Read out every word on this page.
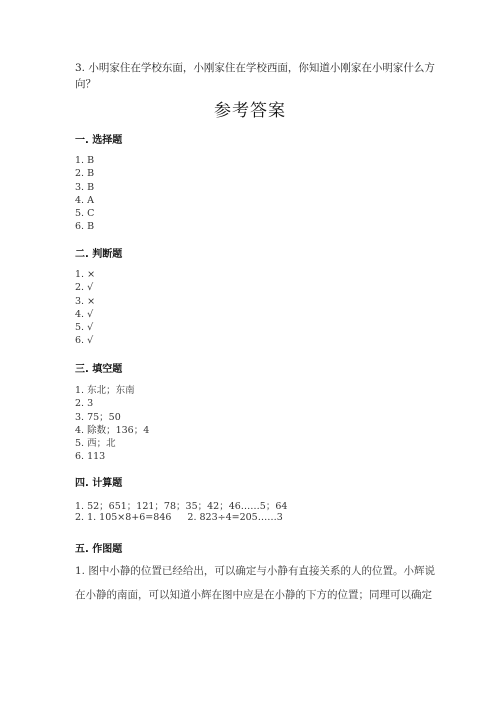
3. 小明家住在学校东面，小刚家住在学校西面，你知道小刚家在小明家什么方向？
参考答案
一. 选择题
1. B
2. B
3. B
4. A
5. C
6. B
二. 判断题
1. ×
2. √
3. ×
4. √
5. √
6. √
三. 填空题
1. 东北；东南
2. 3
3. 75；50
4. 除数；136；4
5. 西；北
6. 113
四. 计算题
1. 52；651；121；78；35；42；46……5；64
2. 1. 105×8+6=846 2. 823÷4=205……3
五. 作图题
1. 图中小静的位置已经给出，可以确定与小静有直接关系的人的位置。小辉说在小静的南面，可以知道小辉在图中应是在小静的下方的位置；同理可以确定
